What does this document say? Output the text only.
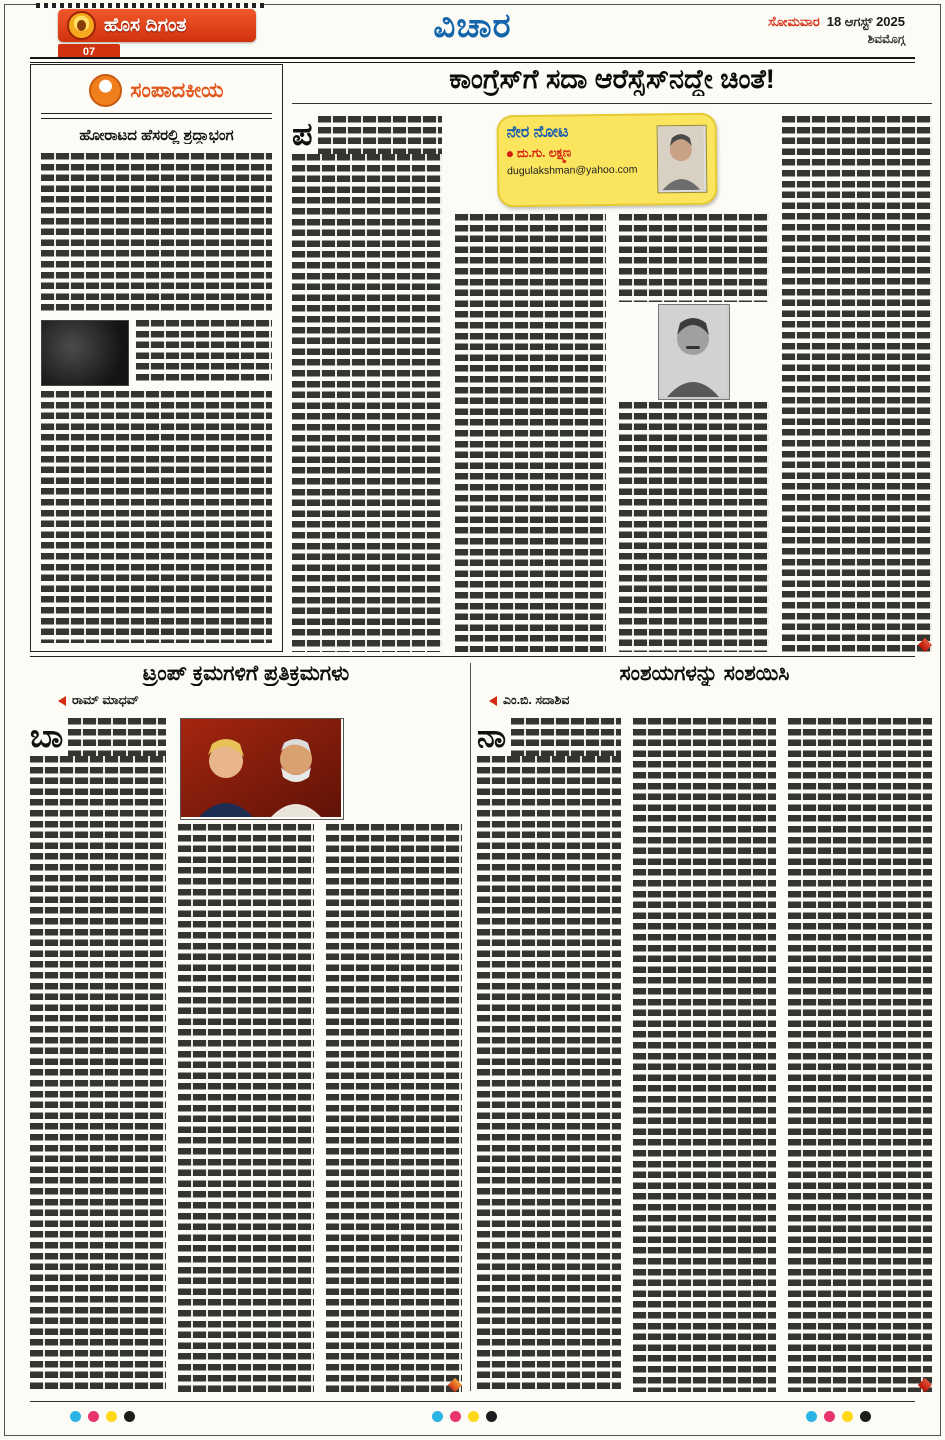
ಹೊಸ ದಿಗಂತ
07
ವಿಚಾರ	ಸೋಮವಾರ 18 ಆಗಸ್ಟ್ 2025
ಶಿವಮೊಗ್ಗ
ಸಂಪಾದಕೀಯ
ಹೋರಾಟದ ಹೆಸರಲ್ಲಿ ಶ್ರದ್ಧಾಭಂಗ
ಕಾಂಗ್ರೆಸ್‌ಗೆ ಸದಾ ಆರೆಸ್ಸೆಸ್‌ನದ್ದೇ ಚಿಂತೆ!
ನೇರ ನೋಟ
ದು.ಗು. ಲಕ್ಷ್ಮಣ
dugulakshman@yahoo.com
ಪ
ಟ್ರಂಪ್ ಕ್ರಮಗಳಿಗೆ ಪ್ರತಿಕ್ರಮಗಳು
ರಾಮ್ ಮಾಧವ್
ಬಾ
ಸಂಶಯಗಳನ್ನು ಸಂಶಯಿಸಿ
ಎಂ.ಬಿ. ಸದಾಶಿವ
ನಾ
